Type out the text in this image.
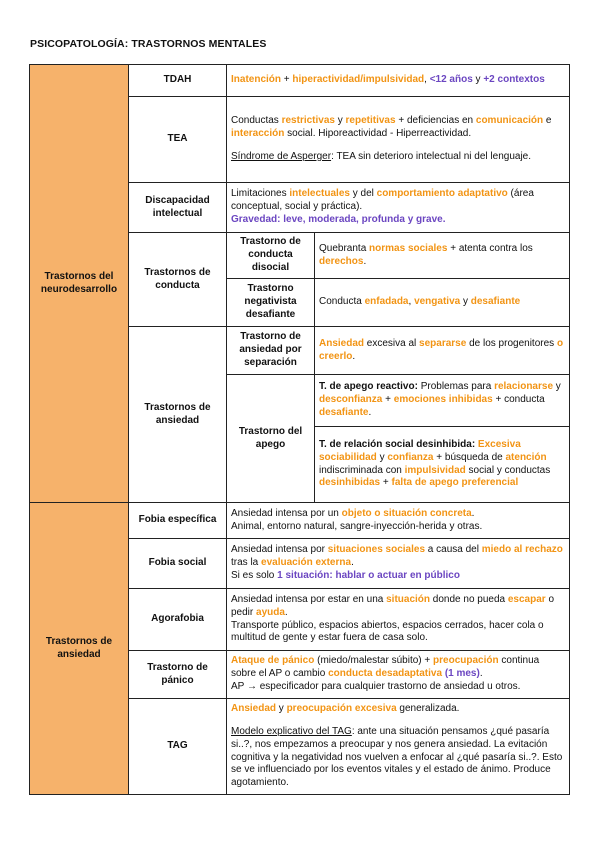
PSICOPATOLOGÍA: TRASTORNOS MENTALES
Trastornos del neurodesarrollo	TDAH	Inatención + hiperactividad/impulsividad, <12 años y +2 contextos	
	TEA	Conductas restrictivas y repetitivas + deficiencias en comunicación e interacción social. Hiporeactividad - Hiperreactividad.
Síndrome de Asperger: TEA sin deterioro intelectual ni del lenguaje.	
	Discapacidad intelectual	Limitaciones intelectuales y del comportamiento adaptativo (área conceptual, social y práctica).
Gravedad: leve, moderada, profunda y grave.	
	Trastornos de conducta	Trastorno de conducta disocial	Quebranta normas sociales + atenta contra los derechos.
		Trastorno negativista desafiante	Conducta enfadada, vengativa y desafiante
	Trastornos de ansiedad	Trastorno de ansiedad por separación	Ansiedad excesiva al separarse de los progenitores o creerlo.
		Trastorno del apego	T. de apego reactivo: Problemas para relacionarse y desconfianza + emociones inhibidas + conducta desafiante.
			T. de relación social desinhibida: Excesiva sociabilidad y confianza + búsqueda de atención indiscriminada con impulsividad social y conductas desinhibidas + falta de apego preferencial
Trastornos de ansiedad	Fobia específica	Ansiedad intensa por un objeto o situación concreta.
Animal, entorno natural, sangre-inyección-herida y otras.	
	Fobia social	Ansiedad intensa por situaciones sociales a causa del miedo al rechazo tras la evaluación externa.
Si es solo 1 situación: hablar o actuar en público	
	Agorafobia	Ansiedad intensa por estar en una situación donde no pueda escapar o pedir ayuda.
Transporte público, espacios abiertos, espacios cerrados, hacer cola o multitud de gente y estar fuera de casa solo.	
	Trastorno de pánico	Ataque de pánico (miedo/malestar súbito) + preocupación continua sobre el AP o cambio conducta desadaptativa (1 mes).
AP → especificador para cualquier trastorno de ansiedad u otros.	
	TAG	Ansiedad y preocupación excesiva generalizada.
Modelo explicativo del TAG: ante una situación pensamos ¿qué pasaría si..?, nos empezamos a preocupar y nos genera ansiedad. La evitación cognitiva y la negatividad nos vuelven a enfocar al ¿qué pasaría si..?. Esto se ve influenciado por los eventos vitales y el estado de ánimo. Produce agotamiento.	
